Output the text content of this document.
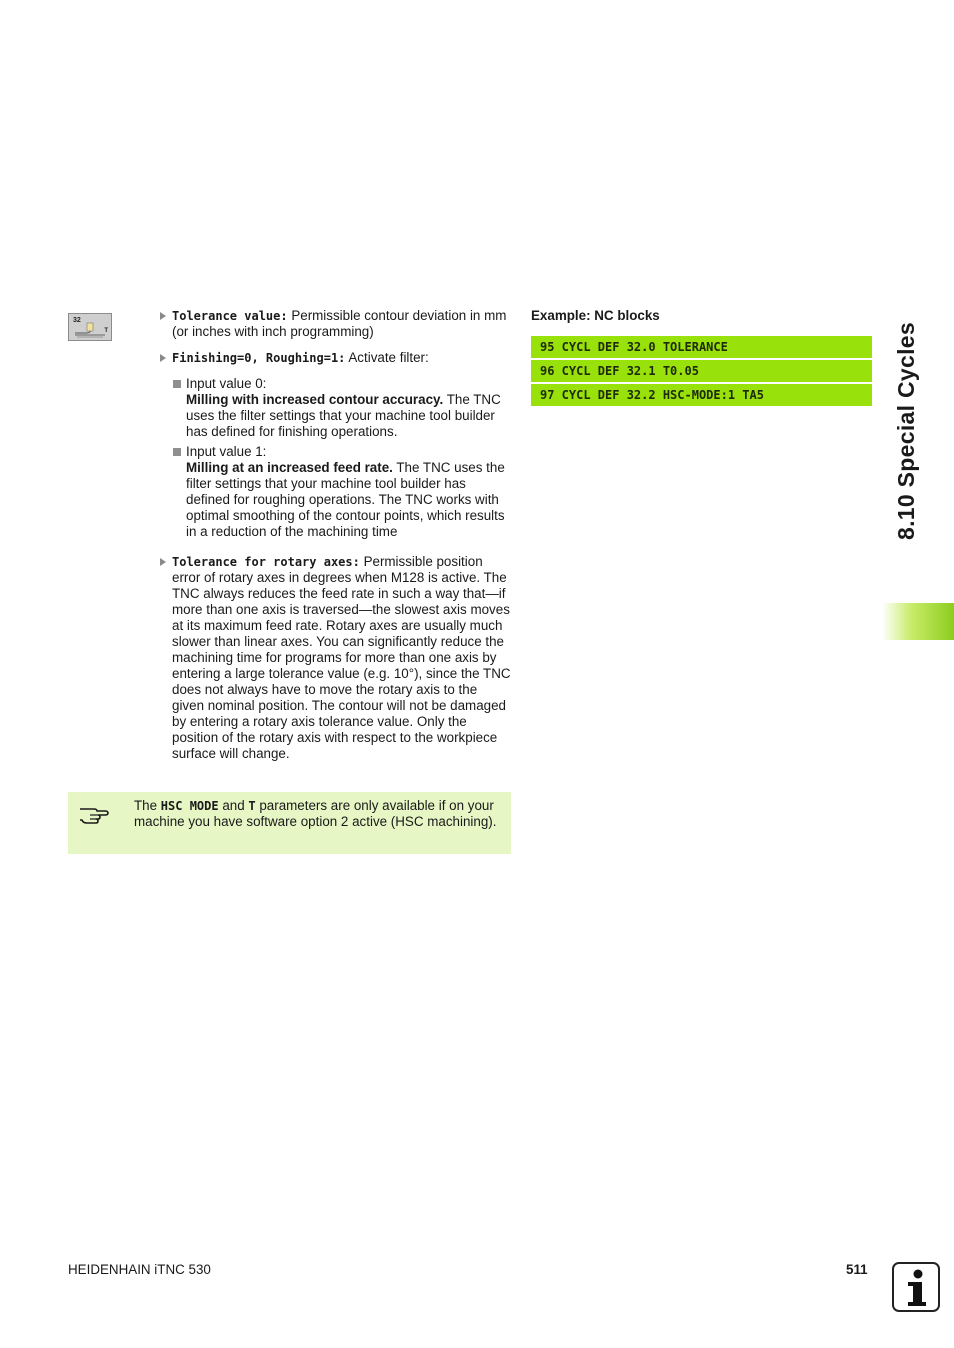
32
T
Tolerance value: Permissible contour deviation in mm (or inches with inch programming)
Finishing=0, Roughing=1: Activate filter:
Input value 0:
Milling with increased contour accuracy. The TNC uses the filter settings that your machine tool builder has defined for finishing operations.
Input value 1:
Milling at an increased feed rate. The TNC uses the filter settings that your machine tool builder has defined for roughing operations. The TNC works with optimal smoothing of the contour points, which results in a reduction of the machining time
Tolerance for rotary axes: Permissible position error of rotary axes in degrees when M128 is active. The TNC always reduces the feed rate in such a way that—if more than one axis is traversed—the slowest axis moves at its maximum feed rate. Rotary axes are usually much slower than linear axes. You can significantly reduce the machining time for programs for more than one axis by entering a large tolerance value (e.g. 10°), since the TNC does not always have to move the rotary axis to the given nominal position. The contour will not be damaged by entering a rotary axis tolerance value. Only the position of the rotary axis with respect to the workpiece surface will change.
The HSC MODE and T parameters are only available if on your machine you have software option 2 active (HSC machining).
Example: NC blocks
95 CYCL DEF 32.0 TOLERANCE
96 CYCL DEF 32.1 T0.05
97 CYCL DEF 32.2 HSC-MODE:1 TA5	8.10 Special Cycles
HEIDENHAIN iTNC 530	511
